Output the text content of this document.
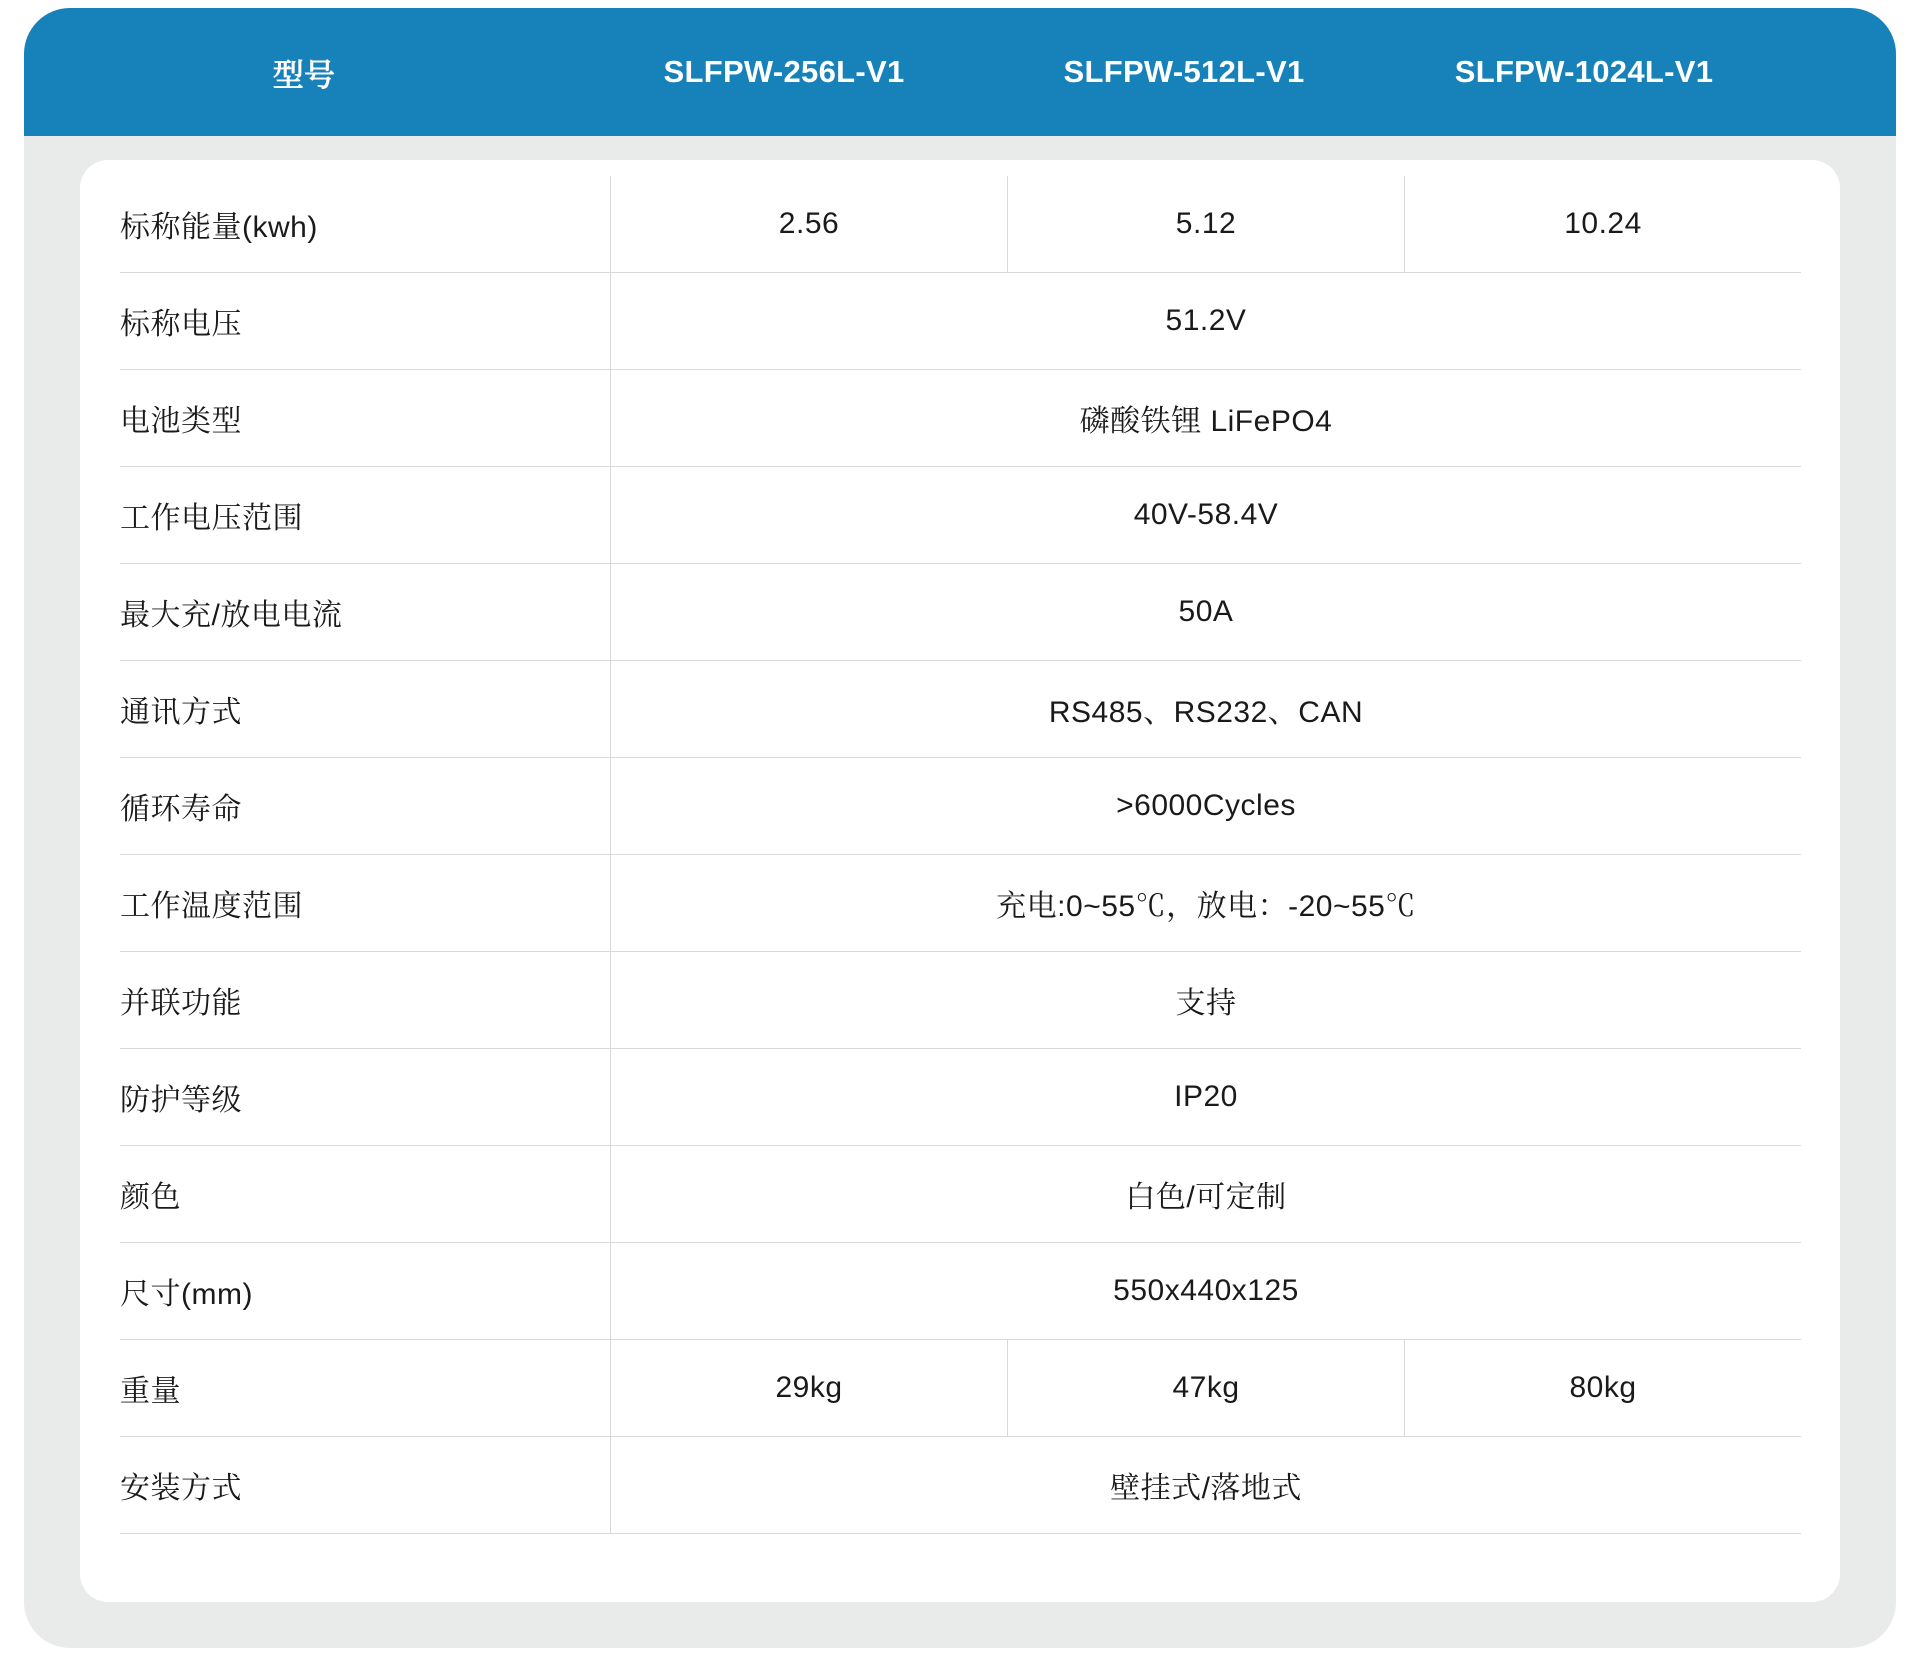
型号	SLFPW-256L-V1	SLFPW-512L-V1	SLFPW-1024L-V1
标称能量(kwh)	2.56	5.12	10.24
标称电压	51.2V		
电池类型	磷酸铁锂 LiFePO4		
工作电压范围	40V-58.4V		
最大充/放电电流	50A		
通讯方式	RS485、RS232、CAN		
循环寿命	>6000Cycles		
工作温度范围	充电:0~55℃，放电：-20~55℃		
并联功能	支持		
防护等级	IP20		
颜色	白色/可定制		
尺寸(mm)	550x440x125		
重量	29kg	47kg	80kg
安装方式	壁挂式/落地式		
